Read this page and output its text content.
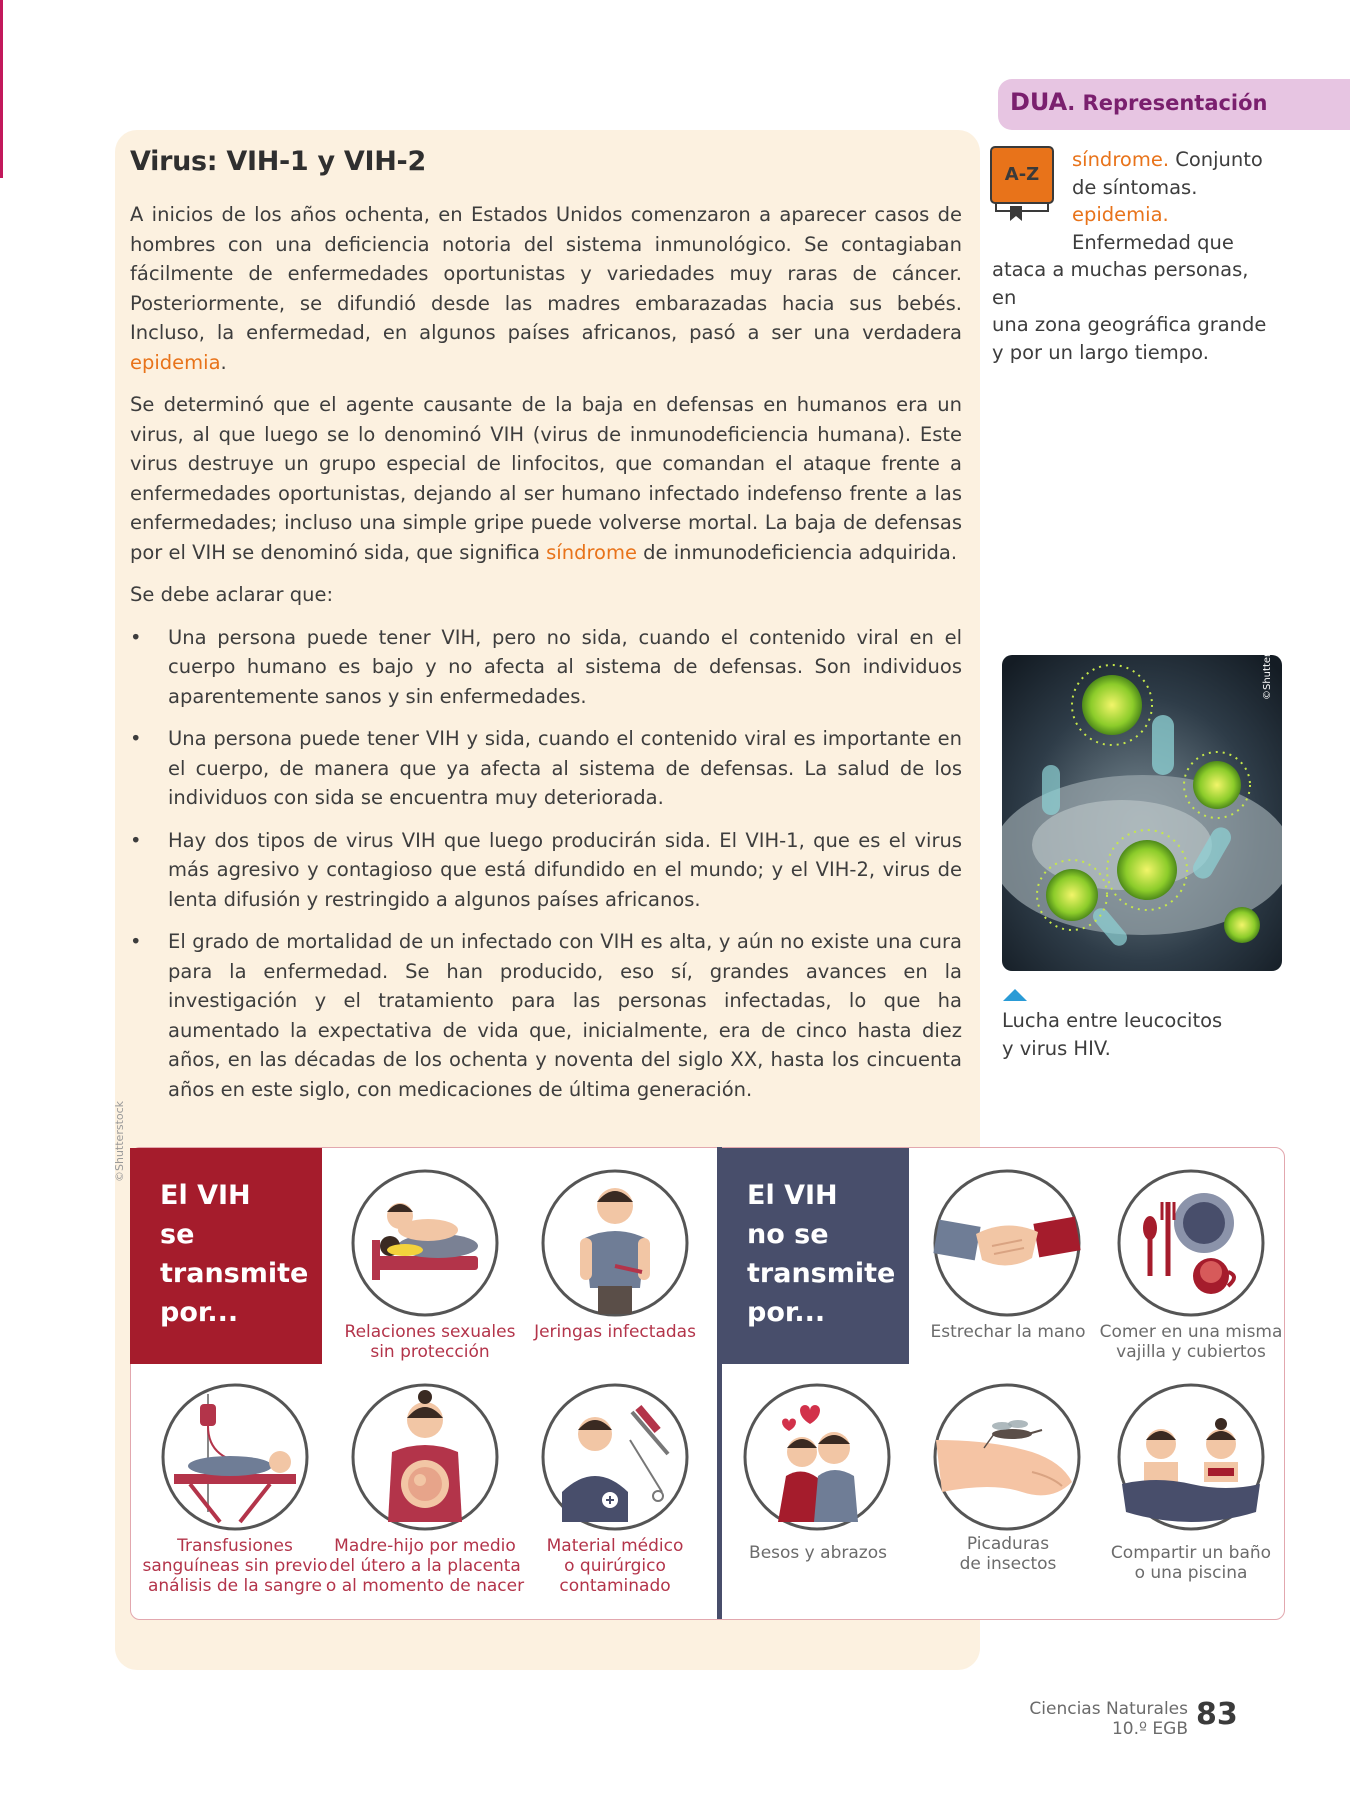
Virus: VIH-1 y VIH-2

A inicios de los años ochenta, en Estados Unidos comenzaron a aparecer casos de hombres con una deficiencia notoria del sistema inmunológico. Se contagiaban fácilmente de enfermedades oportunistas y variedades muy raras de cáncer. Posteriormente, se difundió desde las madres embarazadas hacia sus bebés. Incluso, la enfermedad, en algunos países africanos, pasó a ser una verdadera epidemia.

Se determinó que el agente causante de la baja en defensas en humanos era un virus, al que luego se lo denominó VIH (virus de inmunodeficiencia humana). Este virus destruye un grupo especial de linfocitos, que comandan el ataque frente a enfermedades oportunistas, dejando al ser humano infectado indefenso frente a las enfermedades; incluso una simple gripe puede volverse mortal. La baja de defensas por el VIH se denominó sida, que significa síndrome de inmunodeficiencia adquirida.

Se debe aclarar que:

• Una persona puede tener VIH, pero no sida, cuando el contenido viral en el cuerpo humano es bajo y no afecta al sistema de defensas. Son individuos aparentemente sanos y sin enfermedades.
• Una persona puede tener VIH y sida, cuando el contenido viral es importante en el cuerpo, de manera que ya afecta al sistema de defensas. La salud de los individuos con sida se encuentra muy deteriorada.
• Hay dos tipos de virus VIH que luego producirán sida. El VIH-1, que es el virus más agresivo y contagioso que está difundido en el mundo; y el VIH-2, virus de lenta difusión y restringido a algunos países africanos.
• El grado de mortalidad de un infectado con VIH es alta, y aún no existe una cura para la enfermedad. Se han producido, eso sí, grandes avances en la investigación y el tratamiento para las personas infectadas, lo que ha aumentado la expectativa de vida que, inicialmente, era de cinco hasta diez años, en las décadas de los ochenta y noventa del siglo XX, hasta los cincuenta años en este siglo, con medicaciones de última generación.
DUA. Representación
A-Z
síndrome. Conjunto
de síntomas.
epidemia.
Enfermedad que
ataca a muchas personas, en
una zona geográfica grande
y por un largo tiempo.
©Shutterstock
Lucha entre leucocitos
y virus HIV.
©Shutterstock
El VIH
se
transmite
por...
El VIH
no se
transmite
por...
Relaciones sexuales
sin protección
Jeringas infectadas
Transfusiones
sanguíneas sin previo
análisis de la sangre
Madre-hijo por medio
del útero a la placenta
o al momento de nacer
Material médico
o quirúrgico
contaminado
Estrechar la mano Comer en una misma
vajilla y cubiertos
Besos y abrazos	Picaduras
de insectos
Compartir un baño
o una piscina
Ciencias Naturales
10.º EGB 83
